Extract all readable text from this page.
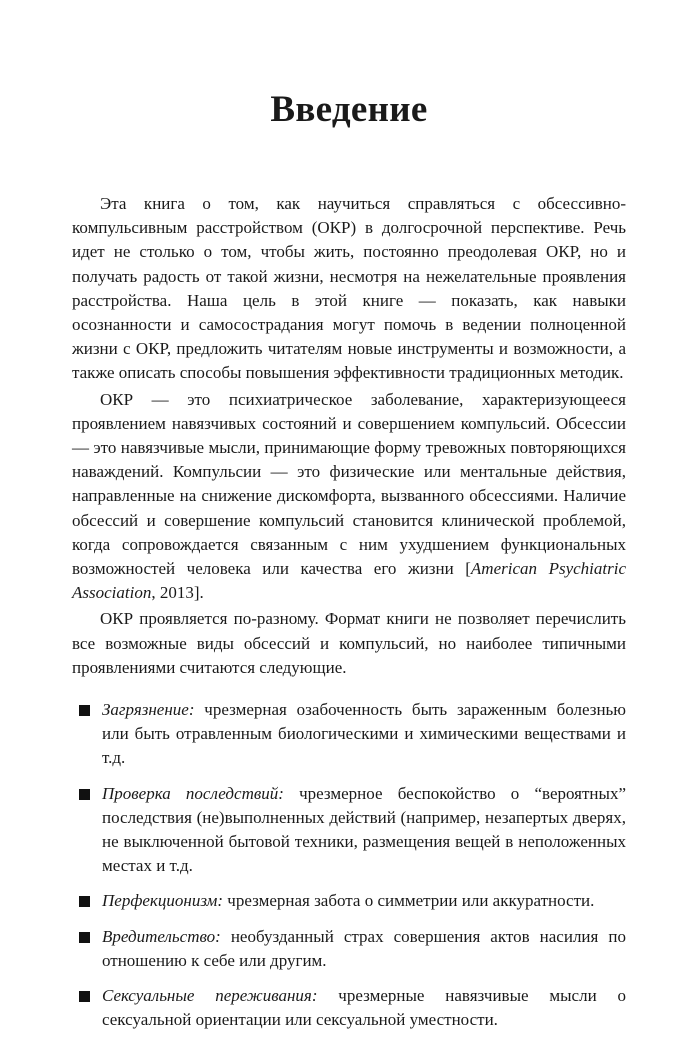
Введение

Эта книга о том, как научиться справляться с обсессивно-компульсивным расстройством (ОКР) в долгосрочной перспективе. Речь идет не столько о том, чтобы жить, постоянно преодолевая ОКР, но и получать радость от такой жизни, несмотря на нежелательные проявления расстройства. Наша цель в этой книге — показать, как навыки осознанности и самосострадания могут помочь в ведении полноценной жизни с ОКР, предложить читателям новые инструменты и возможности, а также описать способы повышения эффективности традиционных методик.

ОКР — это психиатрическое заболевание, характеризующееся проявлением навязчивых состояний и совершением компульсий. Обсессии — это навязчивые мысли, принимающие форму тревожных повторяющихся наваждений. Компульсии — это физические или ментальные действия, направленные на снижение дискомфорта, вызванного обсессиями. Наличие обсессий и совершение компульсий становится клинической проблемой, когда сопровождается связанным с ним ухудшением функциональных возможностей человека или качества его жизни [American Psychiatric Association, 2013].

ОКР проявляется по-разному. Формат книги не позволяет перечислить все возможные виды обсессий и компульсий, но наиболее типичными проявлениями считаются следующие.

Загрязнение: чрезмерная озабоченность быть зараженным болезнью или быть отравленным биологическими и химическими веществами и т.д.
Проверка последствий: чрезмерное беспокойство о “вероятных” последствия (не)выполненных действий (например, незапертых дверях, не выключенной бытовой техники, размещения вещей в неположенных местах и т.д.
Перфекционизм: чрезмерная забота о симметрии или аккуратности.
Вредительство: необузданный страх совершения актов насилия по отношению к себе или другим.
Сексуальные переживания: чрезмерные навязчивые мысли о сексуальной ориентации или сексуальной уместности.
